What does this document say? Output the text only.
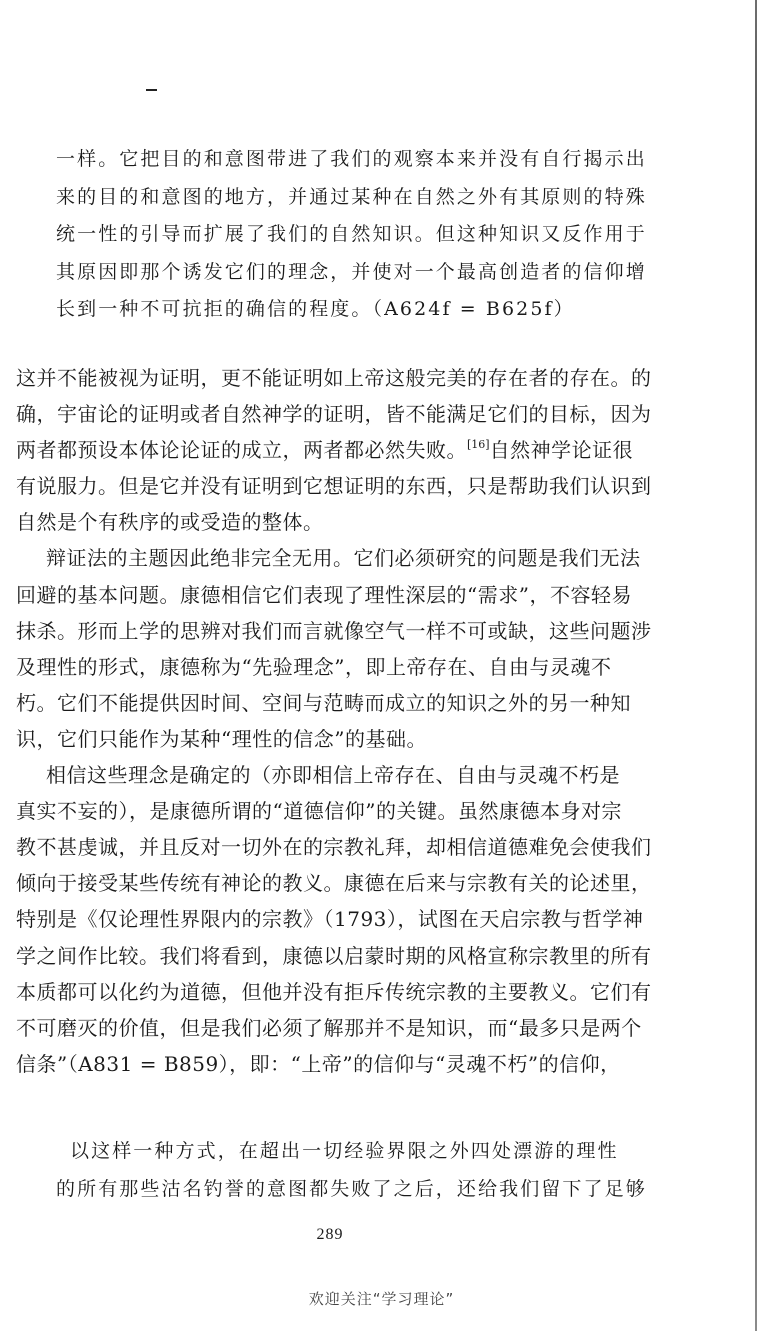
一样。它把目的和意图带进了我们的观察本来并没有自行揭示出
来的目的和意图的地方，并通过某种在自然之外有其原则的特殊
统一性的引导而扩展了我们的自然知识。但这种知识又反作用于
其原因即那个诱发它们的理念，并使对一个最高创造者的信仰增
长到一种不可抗拒的确信的程度。（A624f = B625f）

这并不能被视为证明，更不能证明如上帝这般完美的存在者的存在。的
确，宇宙论的证明或者自然神学的证明，皆不能满足它们的目标，因为
两者都预设本体论论证的成立，两者都必然失败。[16]自然神学论证很
有说服力。但是它并没有证明到它想证明的东西，只是帮助我们认识到
自然是个有秩序的或受造的整体。

辩证法的主题因此绝非完全无用。它们必须研究的问题是我们无法
回避的基本问题。康德相信它们表现了理性深层的“需求”，不容轻易
抹杀。形而上学的思辨对我们而言就像空气一样不可或缺，这些问题涉
及理性的形式，康德称为“先验理念”，即上帝存在、自由与灵魂不
朽。它们不能提供因时间、空间与范畴而成立的知识之外的另一种知
识，它们只能作为某种“理性的信念”的基础。

相信这些理念是确定的（亦即相信上帝存在、自由与灵魂不朽是
真实不妄的），是康德所谓的“道德信仰”的关键。虽然康德本身对宗
教不甚虔诚，并且反对一切外在的宗教礼拜，却相信道德难免会使我们
倾向于接受某些传统有神论的教义。康德在后来与宗教有关的论述里，
特别是《仅论理性界限内的宗教》（1793），试图在天启宗教与哲学神
学之间作比较。我们将看到，康德以启蒙时期的风格宣称宗教里的所有
本质都可以化约为道德，但他并没有拒斥传统宗教的主要教义。它们有
不可磨灭的价值，但是我们必须了解那并不是知识，而“最多只是两个
信条”（A831 = B859），即：“上帝”的信仰与“灵魂不朽”的信仰，

以这样一种方式，在超出一切经验界限之外四处漂游的理性
的所有那些沽名钓誉的意图都失败了之后，还给我们留下了足够
289
欢迎关注“学习理论”
